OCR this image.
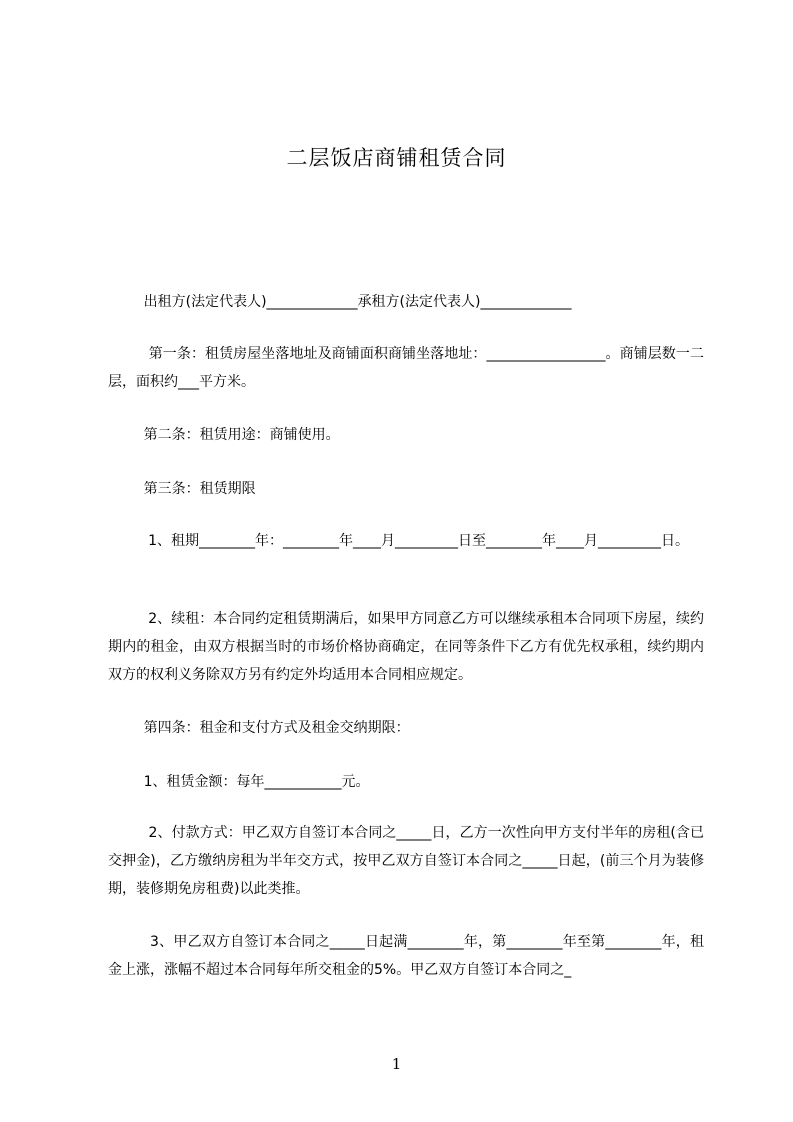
二层饭店商铺租赁合同

出租方(法定代表人)_____________承租方(法定代表人)_____________

第一条：租赁房屋坐落地址及商铺面积商铺坐落地址：_________________。商铺层数一二层，面积约___平方米。

第二条：租赁用途：商铺使用。

第三条：租赁期限

1、租期________年：________年____月_________日至________年____月_________日。

2、续租：本合同约定租赁期满后，如果甲方同意乙方可以继续承租本合同项下房屋，续约期内的租金，由双方根据当时的市场价格协商确定，在同等条件下乙方有优先权承租，续约期内双方的权利义务除双方另有约定外均适用本合同相应规定。

第四条：租金和支付方式及租金交纳期限：

1、租赁金额：每年___________元。

2、付款方式：甲乙双方自签订本合同之_____日，乙方一次性向甲方支付半年的房租(含已交押金)，乙方缴纳房租为半年交方式，按甲乙双方自签订本合同之_____日起，(前三个月为装修期，装修期免房租费)以此类推。

3、甲乙双方自签订本合同之_____日起满________年，第________年至第________年，租金上涨，涨幅不超过本合同每年所交租金的5%。甲乙双方自签订本合同之_

1
